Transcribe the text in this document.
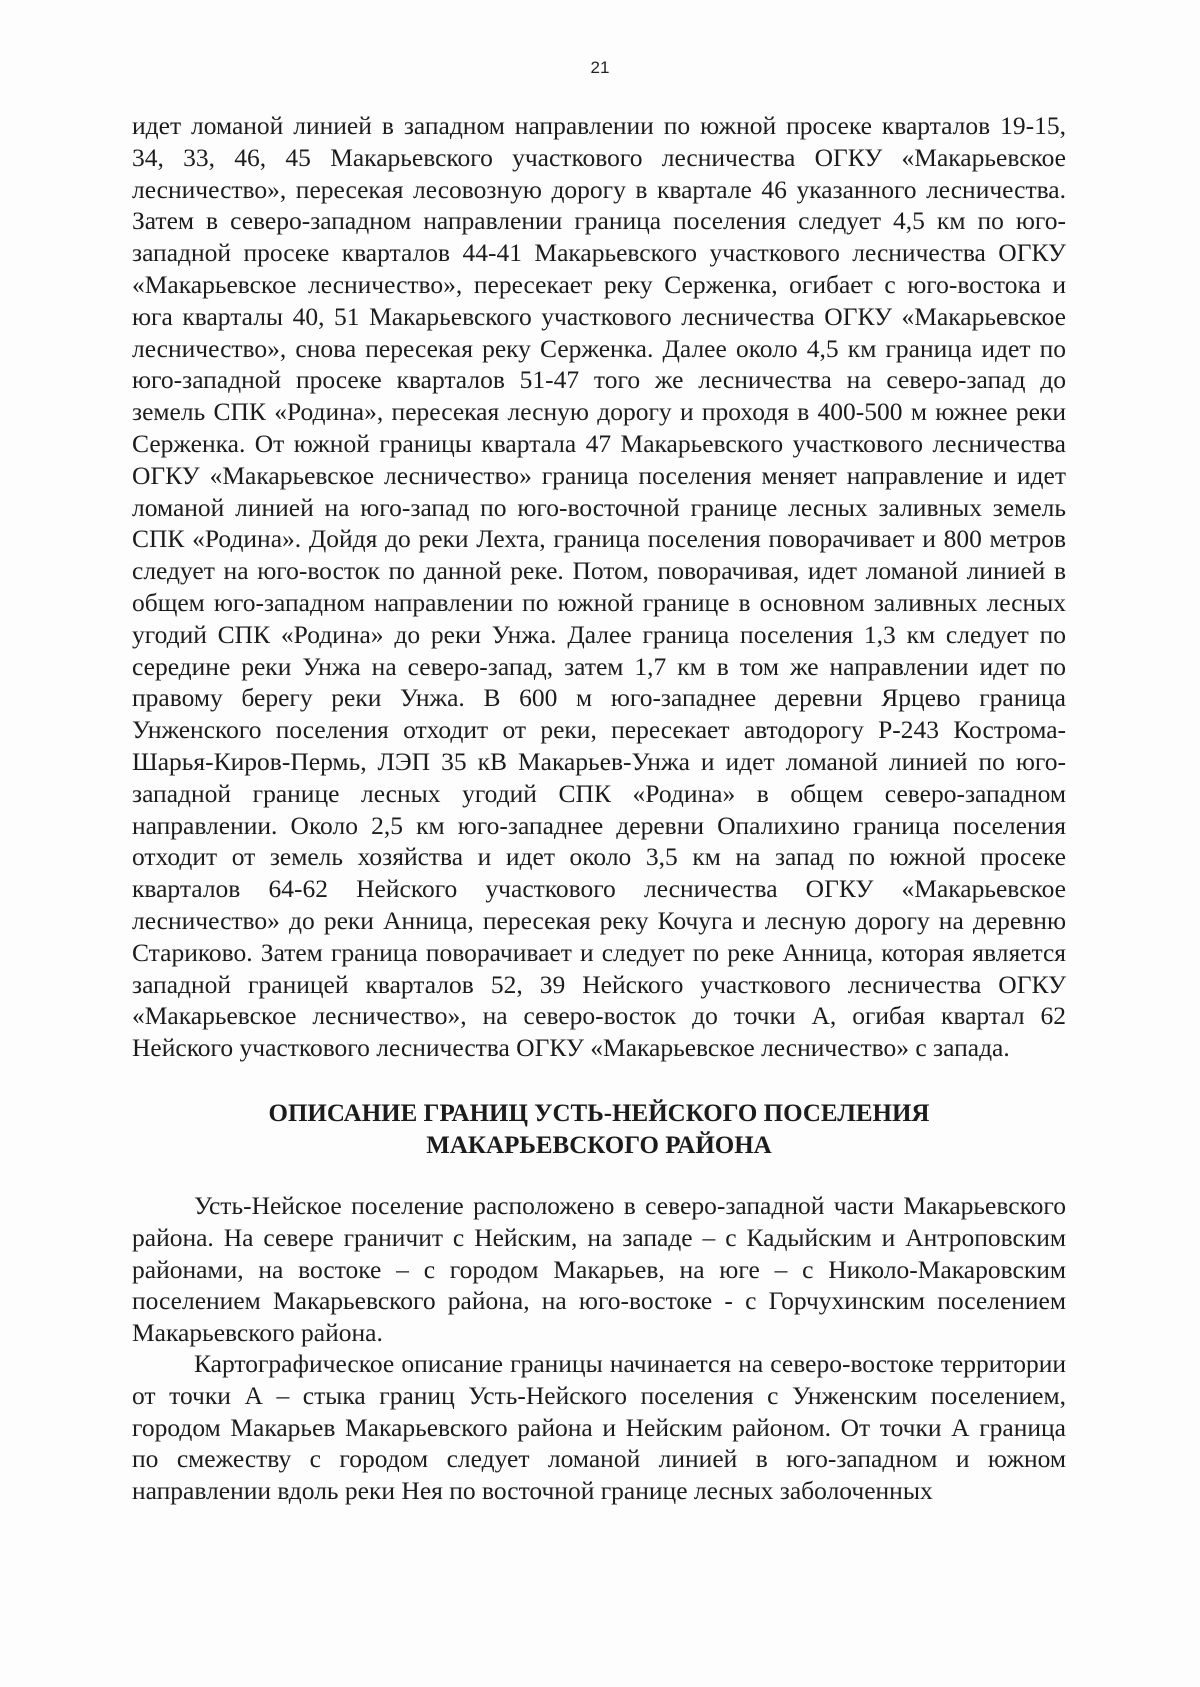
21

идет ломаной линией в западном направлении по южной просеке кварталов 19-15, 34, 33, 46, 45 Макарьевского участкового лесничества ОГКУ «Макарьевское лесничество», пересекая лесовозную дорогу в квартале 46 указанного лесничества. Затем в северо-западном направлении граница поселения следует 4,5 км по юго-западной просеке кварталов 44-41 Макарьевского участкового лесничества ОГКУ «Макарьевское лесничество», пересекает реку Серженка, огибает с юго-востока и юга кварталы 40, 51 Макарьевского участкового лесничества ОГКУ «Макарьевское лесничество», снова пересекая реку Серженка. Далее около 4,5 км граница идет по юго-западной просеке кварталов 51-47 того же лесничества на северо-запад до земель СПК «Родина», пересекая лесную дорогу и проходя в 400-500 м южнее реки Серженка. От южной границы квартала 47 Макарьевского участкового лесничества ОГКУ «Макарьевское лесничество» граница поселения меняет направление и идет ломаной линией на юго-запад по юго-восточной границе лесных заливных земель СПК «Родина». Дойдя до реки Лехта, граница поселения поворачивает и 800 метров следует на юго-восток по данной реке. Потом, поворачивая, идет ломаной линией в общем юго-западном направлении по южной границе в основном заливных лесных угодий СПК «Родина» до реки Унжа. Далее граница поселения 1,3 км следует по середине реки Унжа на северо-запад, затем 1,7 км в том же направлении идет по правому берегу реки Унжа. В 600 м юго-западнее деревни Ярцево граница Унженского поселения отходит от реки, пересекает автодорогу Р-243 Кострома-Шарья-Киров-Пермь, ЛЭП 35 кВ Макарьев-Унжа и идет ломаной линией по юго-западной границе лесных угодий СПК «Родина» в общем северо-западном направлении. Около 2,5 км юго-западнее деревни Опалихино граница поселения отходит от земель хозяйства и идет около 3,5 км на запад по южной просеке кварталов 64-62 Нейского участкового лесничества ОГКУ «Макарьевское лесничество» до реки Анница, пересекая реку Кочуга и лесную дорогу на деревню Стариково. Затем граница поворачивает и следует по реке Анница, которая является западной границей кварталов 52, 39 Нейского участкового лесничества ОГКУ «Макарьевское лесничество», на северо-восток до точки А, огибая квартал 62 Нейского участкового лесничества ОГКУ «Макарьевское лесничество» с запада.

ОПИСАНИЕ ГРАНИЦ УСТЬ-НЕЙСКОГО ПОСЕЛЕНИЯ
МАКАРЬЕВСКОГО РАЙОНА

Усть-Нейское поселение расположено в северо-западной части Макарьевского района. На севере граничит с Нейским, на западе – с Кадыйским и Антроповским районами, на востоке – с городом Макарьев, на юге – с Николо-Макаровским поселением Макарьевского района, на юго-востоке - с Горчухинским поселением Макарьевского района.

Картографическое описание границы начинается на северо-востоке территории от точки А – стыка границ Усть-Нейского поселения с Унженским поселением, городом Макарьев Макарьевского района и Нейским районом. От точки А граница по смежеству с городом следует ломаной линией в юго-западном и южном направлении вдоль реки Нея по восточной границе лесных заболоченных
